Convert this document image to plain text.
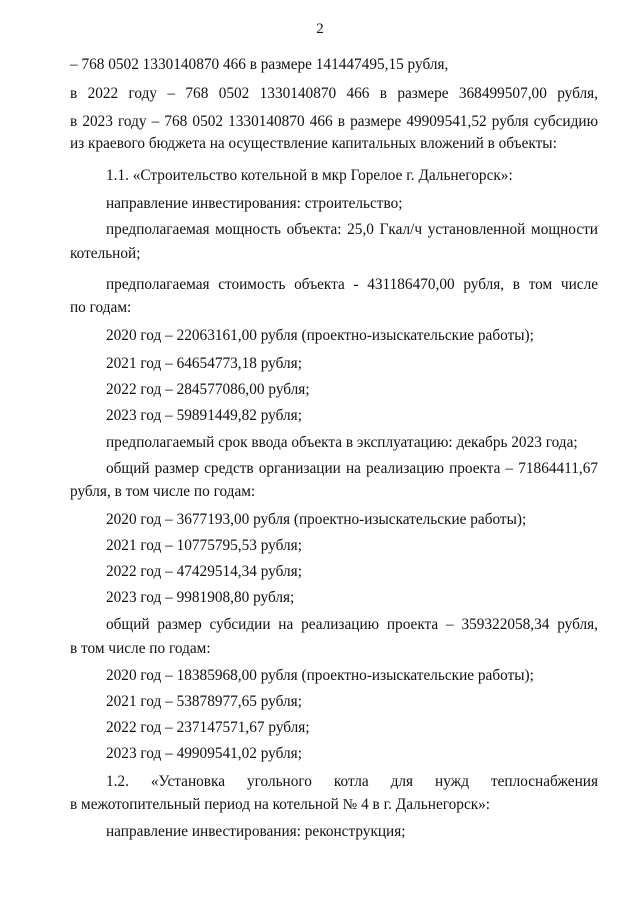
2
– 768 0502 1330140870 466 в размере 141447495,15 рубля,
в 2022 году – 768 0502 1330140870 466 в размере 368499507,00 рубля,
в 2023 году – 768 0502 1330140870 466 в размере 49909541,52 рубля субсидию
из краевого бюджета на осуществление капитальных вложений в объекты:
1.1. «Строительство котельной в мкр Горелое г. Дальнегорск»:
направление инвестирования: строительство;
предполагаемая мощность объекта: 25,0 Гкал/ч установленной мощности
котельной;
предполагаемая стоимость объекта - 431186470,00 рубля, в том числе
по годам:
2020 год – 22063161,00 рубля (проектно-изыскательские работы);
2021 год – 64654773,18 рубля;
2022 год – 284577086,00 рубля;
2023 год – 59891449,82 рубля;
предполагаемый срок ввода объекта в эксплуатацию: декабрь 2023 года;
общий размер средств организации на реализацию проекта – 71864411,67
рубля, в том числе по годам:
2020 год – 3677193,00 рубля (проектно-изыскательские работы);
2021 год – 10775795,53 рубля;
2022 год – 47429514,34 рубля;
2023 год – 9981908,80 рубля;
общий размер субсидии на реализацию проекта – 359322058,34 рубля,
в том числе по годам:
2020 год – 18385968,00 рубля (проектно-изыскательские работы);
2021 год – 53878977,65 рубля;
2022 год – 237147571,67 рубля;
2023 год – 49909541,02 рубля;
1.2. «Установка угольного котла для нужд теплоснабжения
в межотопительный период на котельной № 4 в г. Дальнегорск»:
направление инвестирования: реконструкция;
